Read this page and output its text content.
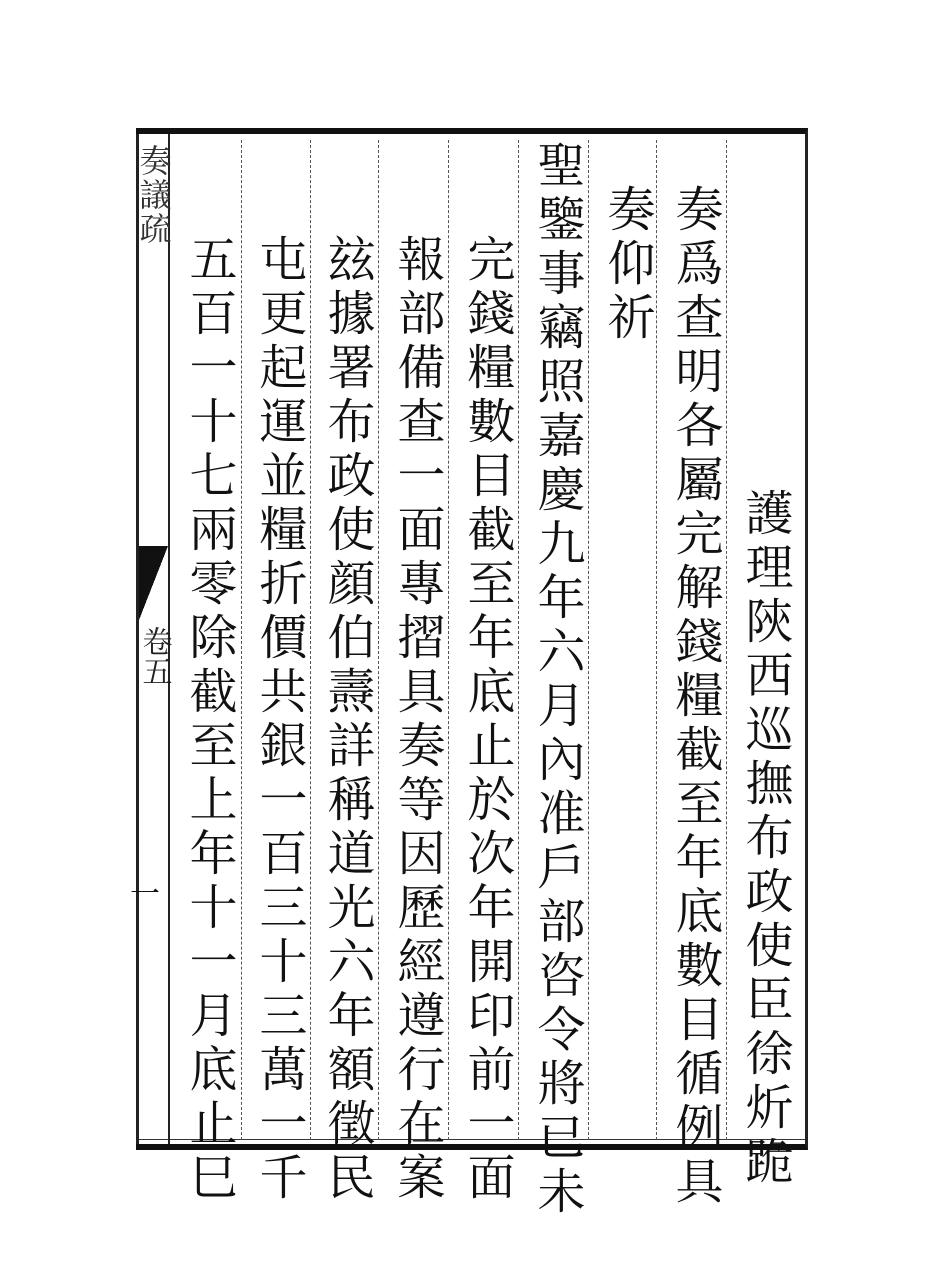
奏議疏
卷五
一	護理陝西巡撫布政使臣徐炘跪
奏爲查明各屬完解錢糧截至年底數目循例具
奏仰祈
聖鑒事竊照嘉慶九年六月內准戶部咨令將已未
完錢糧數目截至年底止於次年開印前一面
報部備查一面專摺具奏等因歷經遵行在案
玆據署布政使顔伯燾詳稱道光六年額徵民
屯更起運並糧折價共銀一百三十三萬一千
五百一十七兩零除截至上年十一月底止巳
